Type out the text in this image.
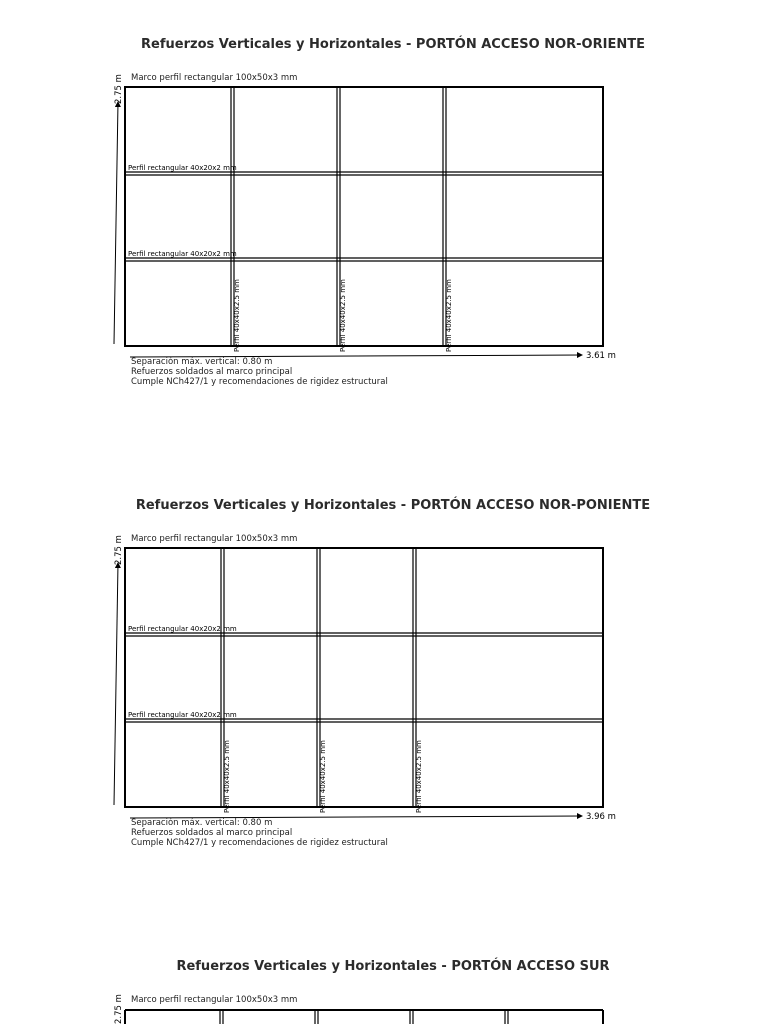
Refuerzos Verticales y Horizontales - PORTÓN ACCESO NOR-ORIENTE
Marco perfil rectangular 100x50x3 mm
2.75 m
3.61 m
Perfil rectangular 40x20x2 mm
Perfil rectangular 40x20x2 mm
Perfil 40x40x2.5 mm	Perfil 40x40x2.5 mm	Perfil 40x40x2.5 mm
Separación máx. vertical: 0.80 m
Refuerzos soldados al marco principal
Cumple NCh427/1 y recomendaciones de rigidez estructural
Refuerzos Verticales y Horizontales - PORTÓN ACCESO NOR-PONIENTE
Marco perfil rectangular 100x50x3 mm
2.75 m
3.96 m
Perfil rectangular 40x20x2 mm
Perfil rectangular 40x20x2 mm
Perfil 40x40x2.5 mm	Perfil 40x40x2.5 mm	Perfil 40x40x2.5 mm
Separación máx. vertical: 0.80 m
Refuerzos soldados al marco principal
Cumple NCh427/1 y recomendaciones de rigidez estructural
Refuerzos Verticales y Horizontales - PORTÓN ACCESO SUR
Marco perfil rectangular 100x50x3 mm
2.75 m
